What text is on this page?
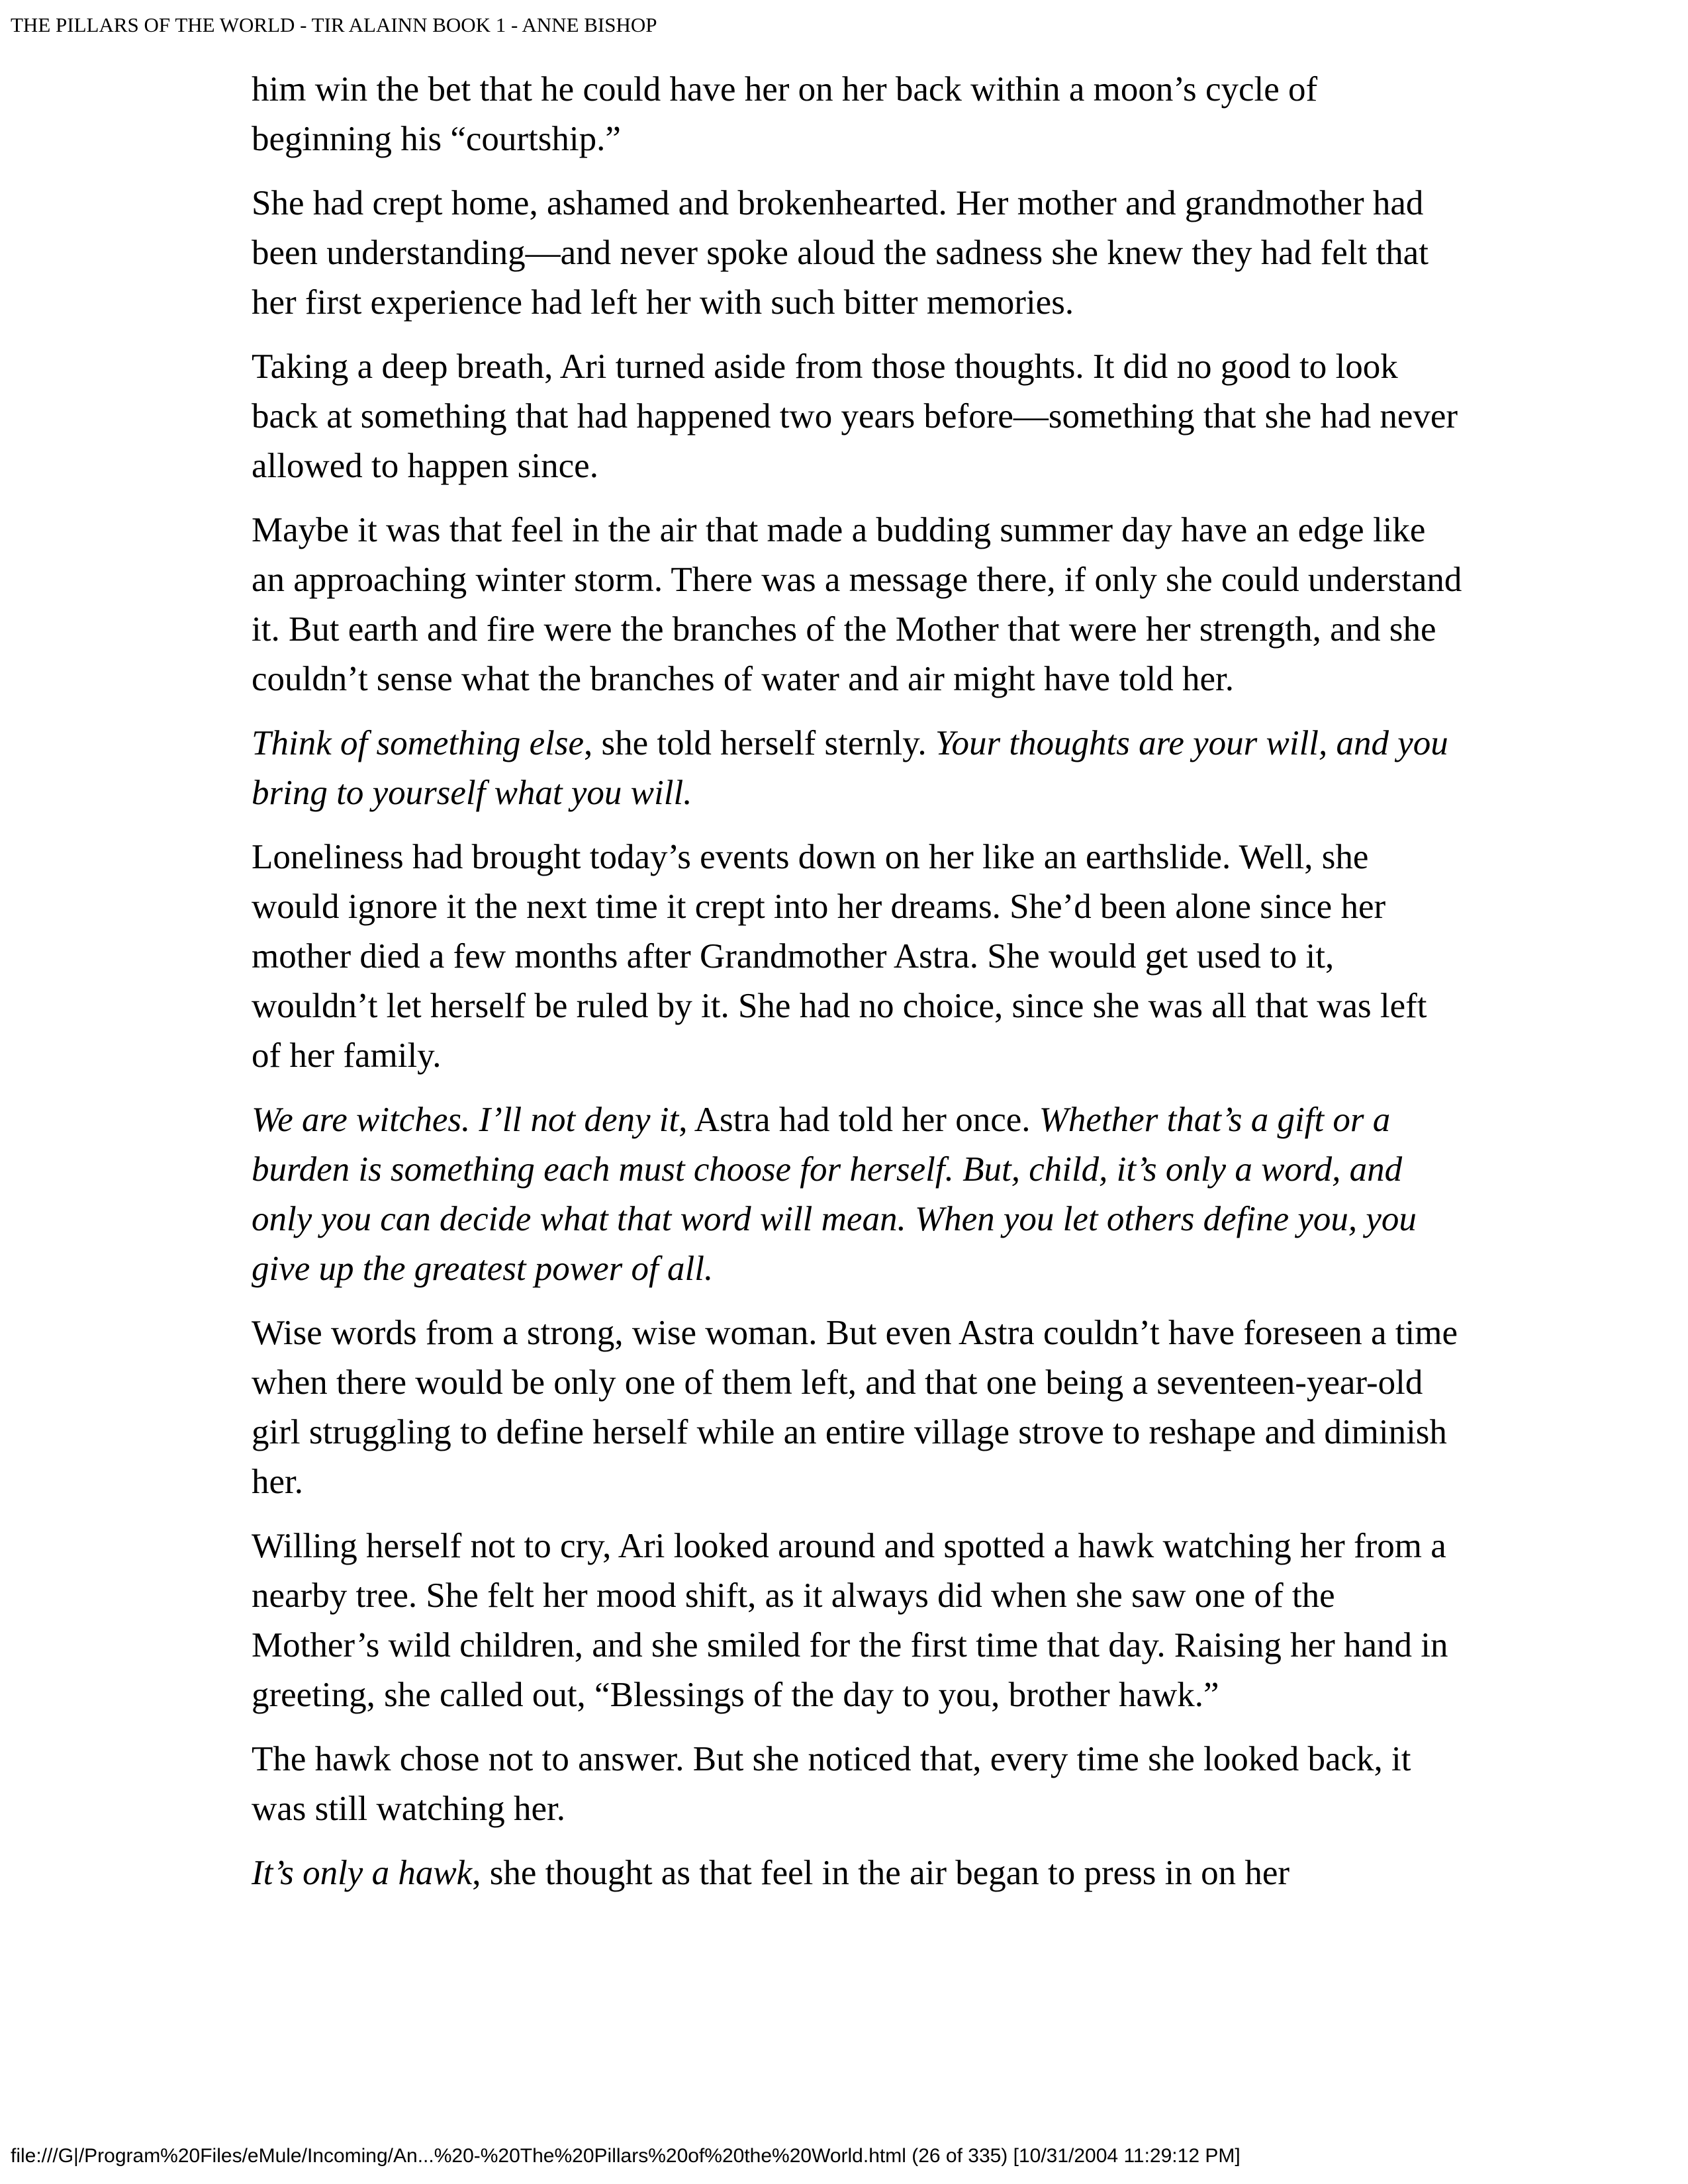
THE PILLARS OF THE WORLD - TIR ALAINN BOOK 1 - ANNE BISHOP

him win the bet that he could have her on her back within a moon’s cycle of beginning his “courtship.”

She had crept home, ashamed and brokenhearted. Her mother and grandmother had been understanding—and never spoke aloud the sadness she knew they had felt that her first experience had left her with such bitter memories.

Taking a deep breath, Ari turned aside from those thoughts. It did no good to look back at something that had happened two years before—something that she had never allowed to happen since.

Maybe it was that feel in the air that made a budding summer day have an edge like an approaching winter storm. There was a message there, if only she could understand it. But earth and fire were the branches of the Mother that were her strength, and she couldn’t sense what the branches of water and air might have told her.

Think of something else, she told herself sternly. Your thoughts are your will, and you bring to yourself what you will.

Loneliness had brought today’s events down on her like an earthslide. Well, she would ignore it the next time it crept into her dreams. She’d been alone since her mother died a few months after Grandmother Astra. She would get used to it, wouldn’t let herself be ruled by it. She had no choice, since she was all that was left of her family.

We are witches. I’ll not deny it, Astra had told her once. Whether that’s a gift or a burden is something each must choose for herself. But, child, it’s only a word, and only you can decide what that word will mean. When you let others define you, you give up the greatest power of all.

Wise words from a strong, wise woman. But even Astra couldn’t have foreseen a time when there would be only one of them left, and that one being a seventeen-year-old girl struggling to define herself while an entire village strove to reshape and diminish her.

Willing herself not to cry, Ari looked around and spotted a hawk watching her from a nearby tree. She felt her mood shift, as it always did when she saw one of the Mother’s wild children, and she smiled for the first time that day. Raising her hand in greeting, she called out, “Blessings of the day to you, brother hawk.”

The hawk chose not to answer. But she noticed that, every time she looked back, it was still watching her.

It’s only a hawk, she thought as that feel in the air began to press in on her

file:///G|/Program%20Files/eMule/Incoming/An...%20-%20The%20Pillars%20of%20the%20World.html (26 of 335) [10/31/2004 11:29:12 PM]
